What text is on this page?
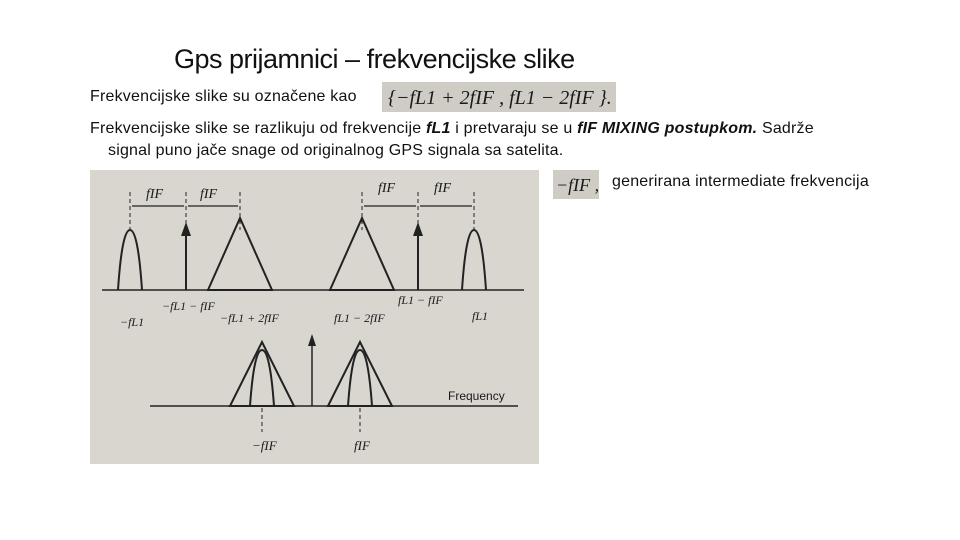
Gps prijamnici – frekvencijske slike
Frekvencijske slike su označene kao {−fL1 + 2fIF , fL1 − 2fIF }.
Frekvencijske slike se razlikuju od frekvencije fL1 i pretvaraju se u fIF MIXING postupkom. Sadrže
signal puno jače snage od originalnog GPS signala sa satelita.
−fIF , generirana intermediate frekvencija
fIF	fIF	fIF	fIF
−fL1 − fIF
−fL1 + 2fIF	fL1 − 2fIF
fL1 − fIF
−fL1	fL1
Frequency
−fIF	fIF
